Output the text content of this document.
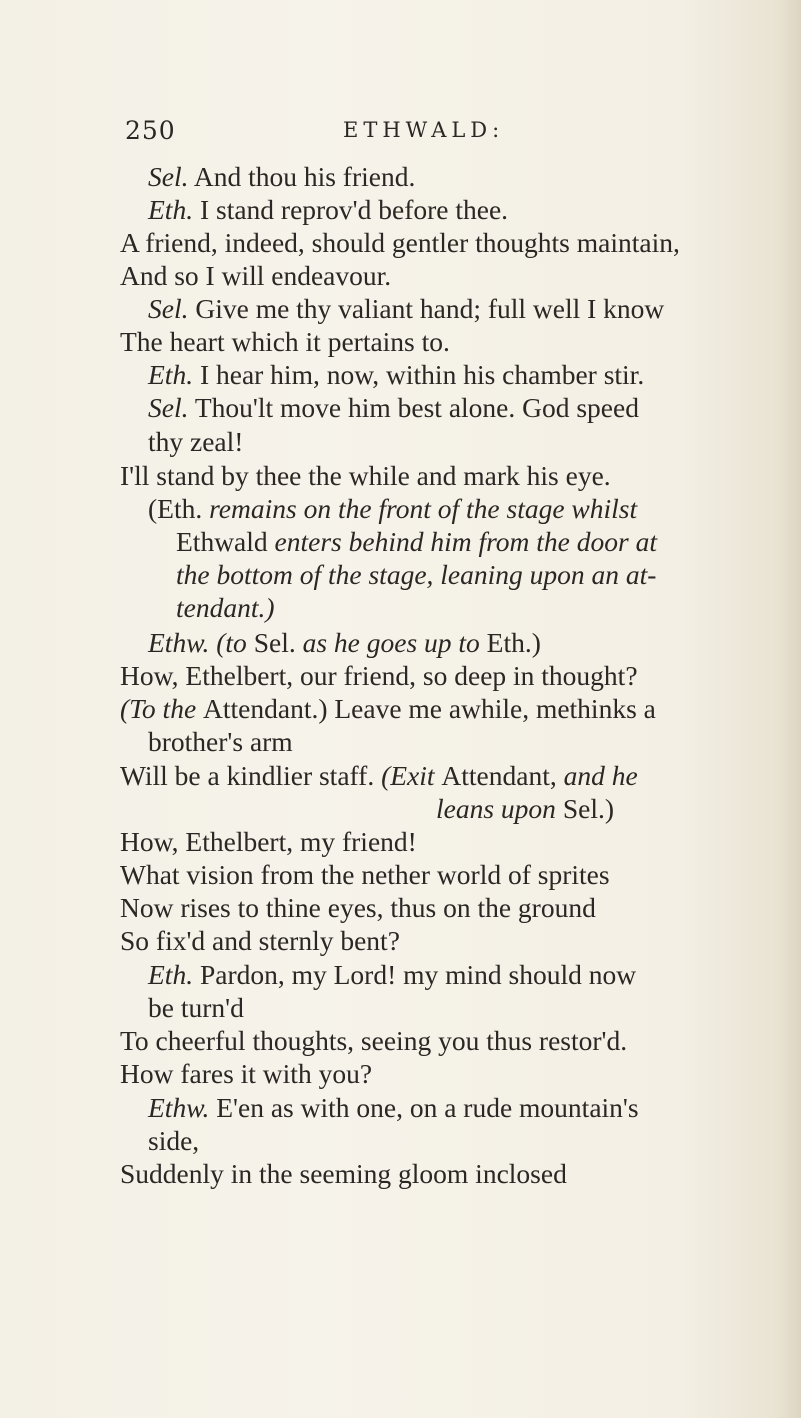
250	ETHWALD:
Sel. And thou his friend.
Eth. I stand reprov'd before thee.
A friend, indeed, should gentler thoughts maintain,
And so I will endeavour.
Sel. Give me thy valiant hand; full well I know
The heart which it pertains to.
Eth. I hear him, now, within his chamber stir.
Sel. Thou'lt move him best alone. God speed
thy zeal!
I'll stand by thee the while and mark his eye.
(Eth. remains on the front of the stage whilst
Ethwald enters behind him from the door at
the bottom of the stage, leaning upon an at-
tendant.)
Ethw. (to Sel. as he goes up to Eth.)
How, Ethelbert, our friend, so deep in thought?
(To the Attendant.) Leave me awhile, methinks a
brother's arm
Will be a kindlier staff. (Exit Attendant, and he
leans upon Sel.)
How, Ethelbert, my friend!
What vision from the nether world of sprites
Now rises to thine eyes, thus on the ground
So fix'd and sternly bent?
Eth. Pardon, my Lord! my mind should now
be turn'd
To cheerful thoughts, seeing you thus restor'd.
How fares it with you?
Ethw. E'en as with one, on a rude mountain's
side,
Suddenly in the seeming gloom inclosed
